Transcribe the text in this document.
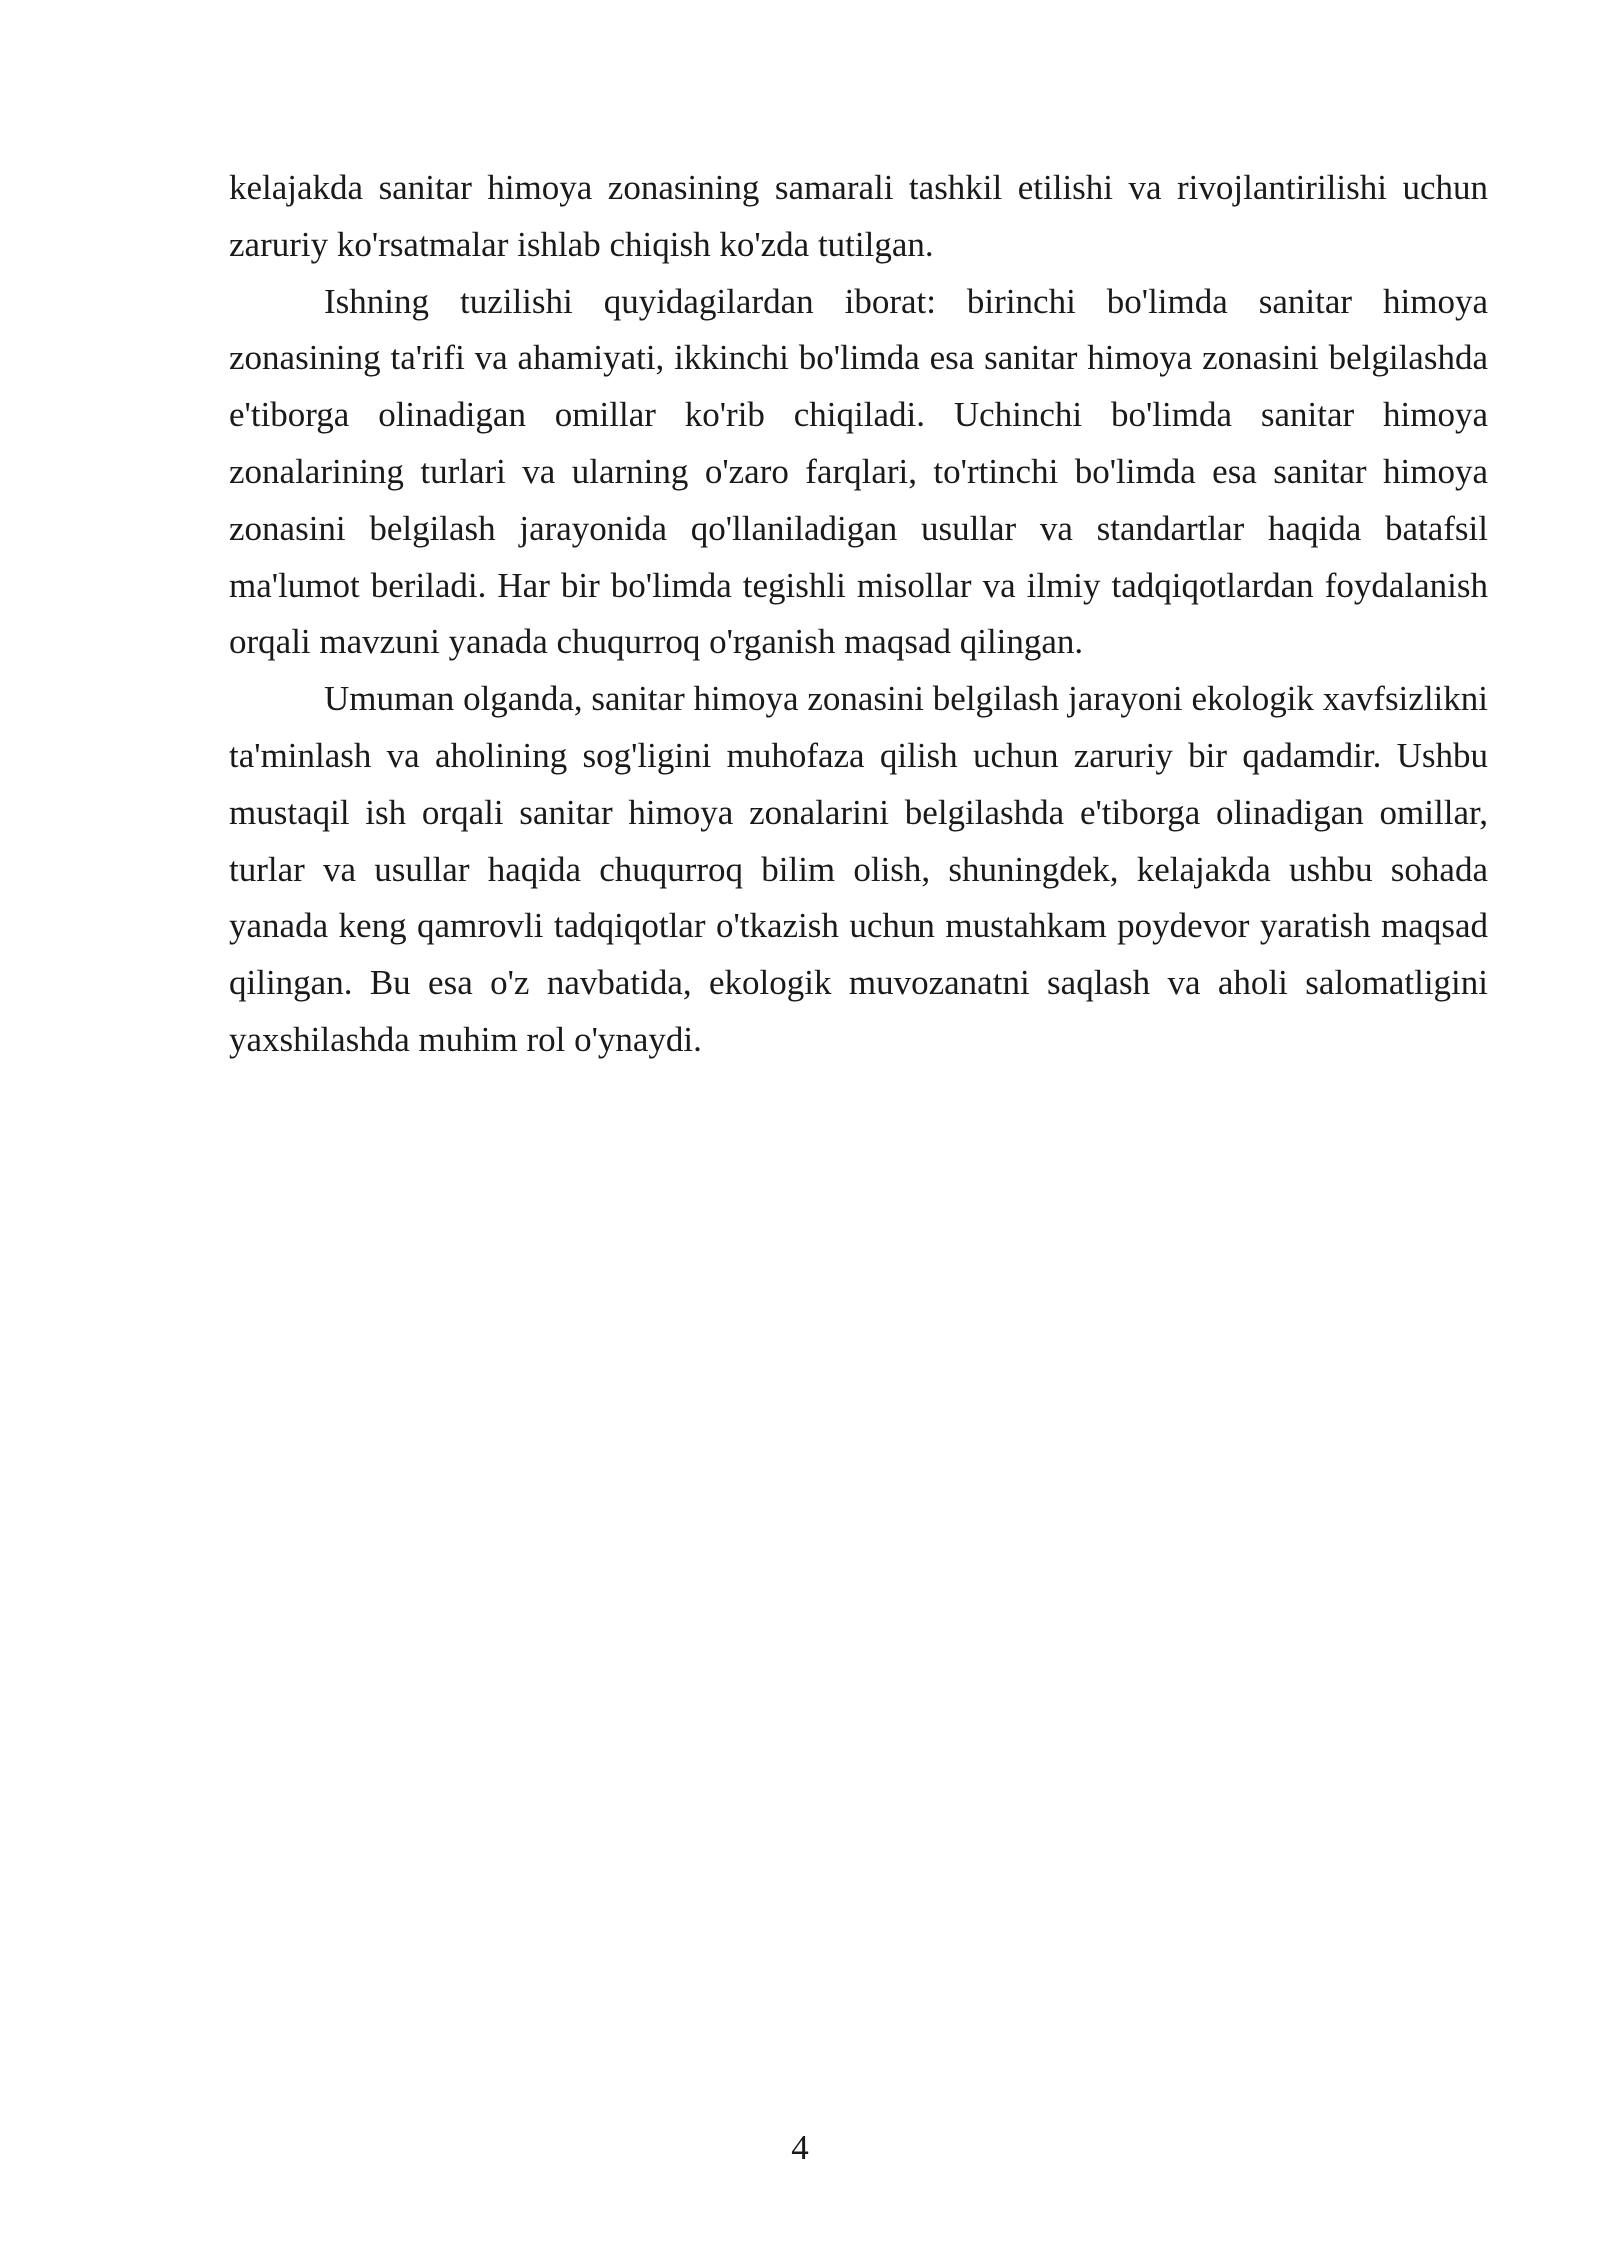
kelajakda sanitar himoya zonasining samarali tashkil etilishi va rivojlantirilishi uchun zaruriy ko'rsatmalar ishlab chiqish ko'zda tutilgan.

Ishning tuzilishi quyidagilardan iborat: birinchi bo'limda sanitar himoya zonasining ta'rifi va ahamiyati, ikkinchi bo'limda esa sanitar himoya zonasini belgilashda e'tiborga olinadigan omillar ko'rib chiqiladi. Uchinchi bo'limda sanitar himoya zonalarining turlari va ularning o'zaro farqlari, to'rtinchi bo'limda esa sanitar himoya zonasini belgilash jarayonida qo'llaniladigan usullar va standartlar haqida batafsil ma'lumot beriladi. Har bir bo'limda tegishli misollar va ilmiy tadqiqotlardan foydalanish orqali mavzuni yanada chuqurroq o'rganish maqsad qilingan.

Umuman olganda, sanitar himoya zonasini belgilash jarayoni ekologik xavfsizlikni ta'minlash va aholining sog'ligini muhofaza qilish uchun zaruriy bir qadamdir. Ushbu mustaqil ish orqali sanitar himoya zonalarini belgilashda e'tiborga olinadigan omillar, turlar va usullar haqida chuqurroq bilim olish, shuningdek, kelajakda ushbu sohada yanada keng qamrovli tadqiqotlar o'tkazish uchun mustahkam poydevor yaratish maqsad qilingan. Bu esa o'z navbatida, ekologik muvozanatni saqlash va aholi salomatligini yaxshilashda muhim rol o'ynaydi.

4
